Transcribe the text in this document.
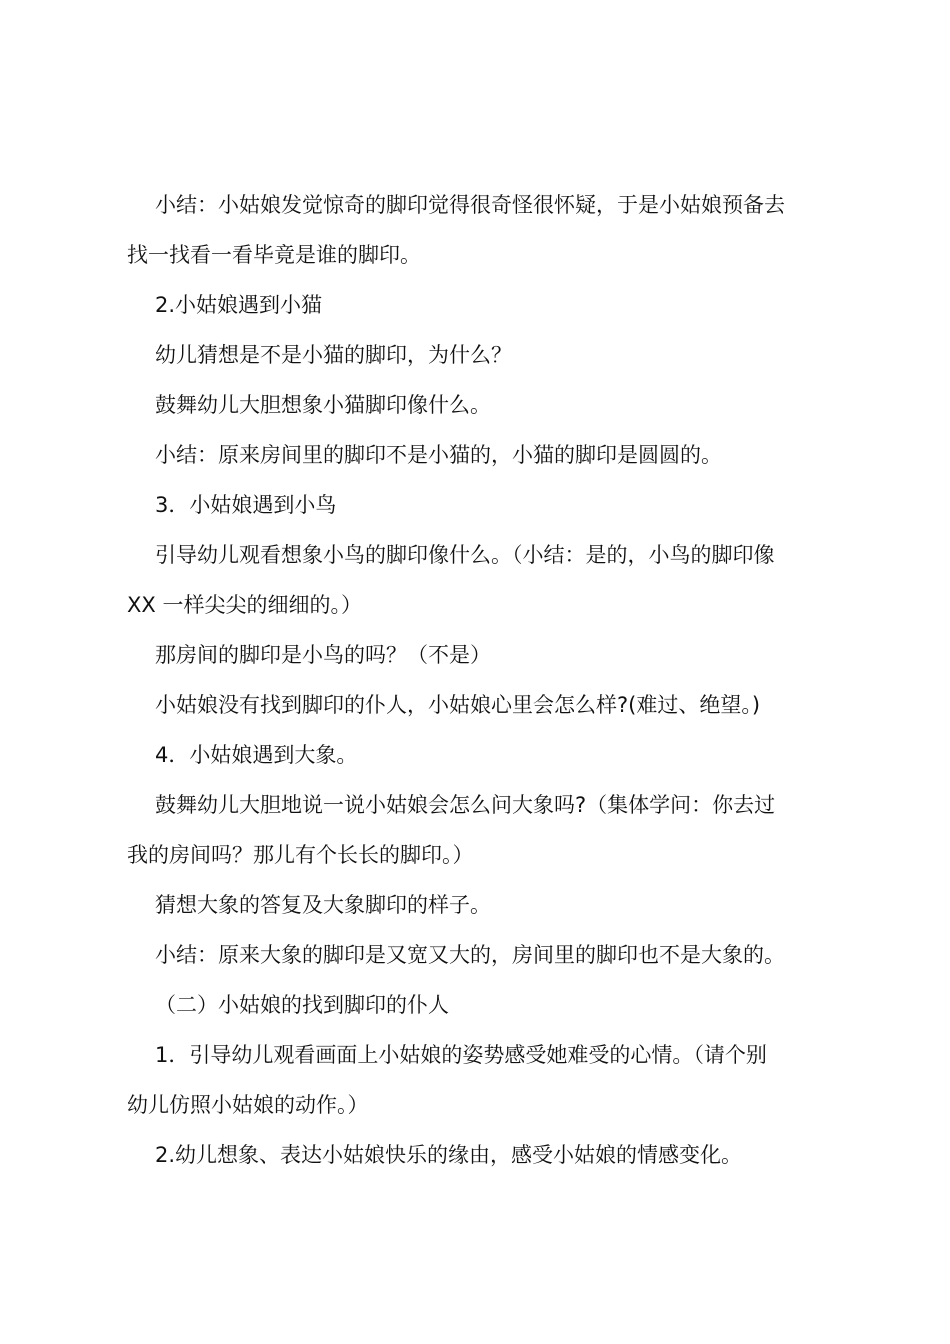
小结：小姑娘发觉惊奇的脚印觉得很奇怪很怀疑，于是小姑娘预备去

找一找看一看毕竟是谁的脚印。

2.小姑娘遇到小猫

幼儿猜想是不是小猫的脚印，为什么？

鼓舞幼儿大胆想象小猫脚印像什么。

小结：原来房间里的脚印不是小猫的，小猫的脚印是圆圆的。

3．小姑娘遇到小鸟

引导幼儿观看想象小鸟的脚印像什么。（小结：是的，小鸟的脚印像

XX 一样尖尖的细细的。）

那房间的脚印是小鸟的吗？（不是）

小姑娘没有找到脚印的仆人，小姑娘心里会怎么样?(难过、绝望。)

4．小姑娘遇到大象。

鼓舞幼儿大胆地说一说小姑娘会怎么问大象吗?（集体学问：你去过

我的房间吗？那儿有个长长的脚印。）

猜想大象的答复及大象脚印的样子。

小结：原来大象的脚印是又宽又大的，房间里的脚印也不是大象的。

（二）小姑娘的找到脚印的仆人

1．引导幼儿观看画面上小姑娘的姿势感受她难受的心情。（请个别

幼儿仿照小姑娘的动作。）

2.幼儿想象、表达小姑娘快乐的缘由，感受小姑娘的情感变化。
